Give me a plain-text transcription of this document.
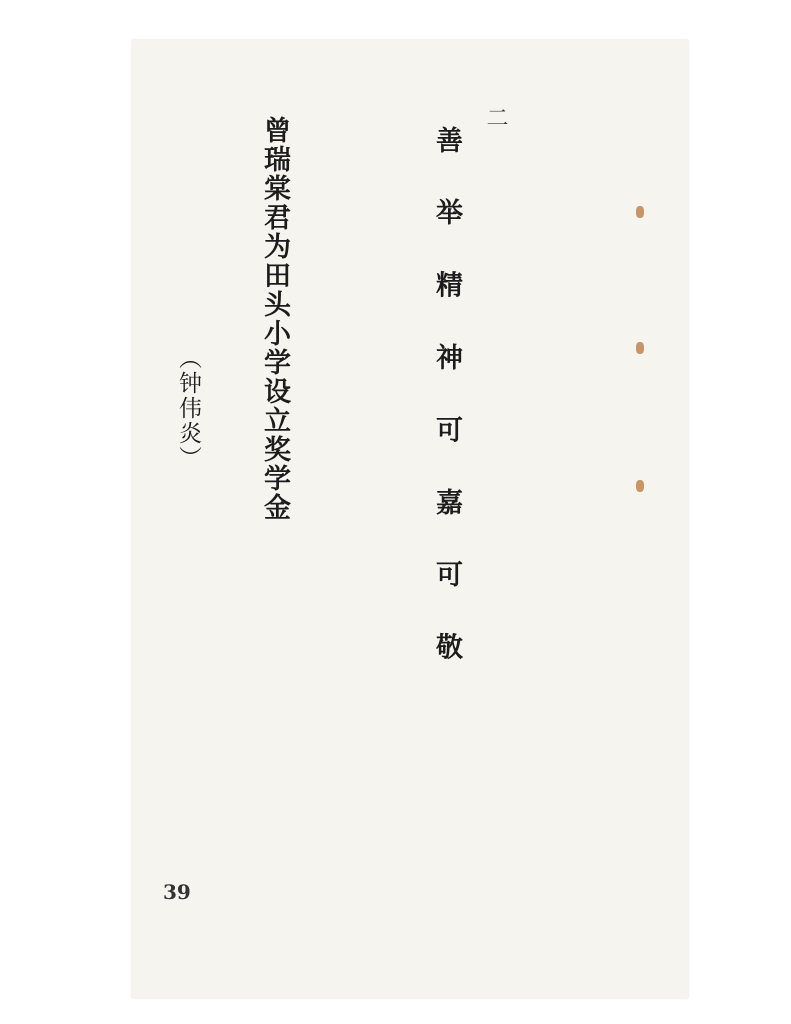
二
善 举 精 神 可 嘉 可 敬
（钟伟炎） 曾瑞棠君为田头小学设立奖学金
39
